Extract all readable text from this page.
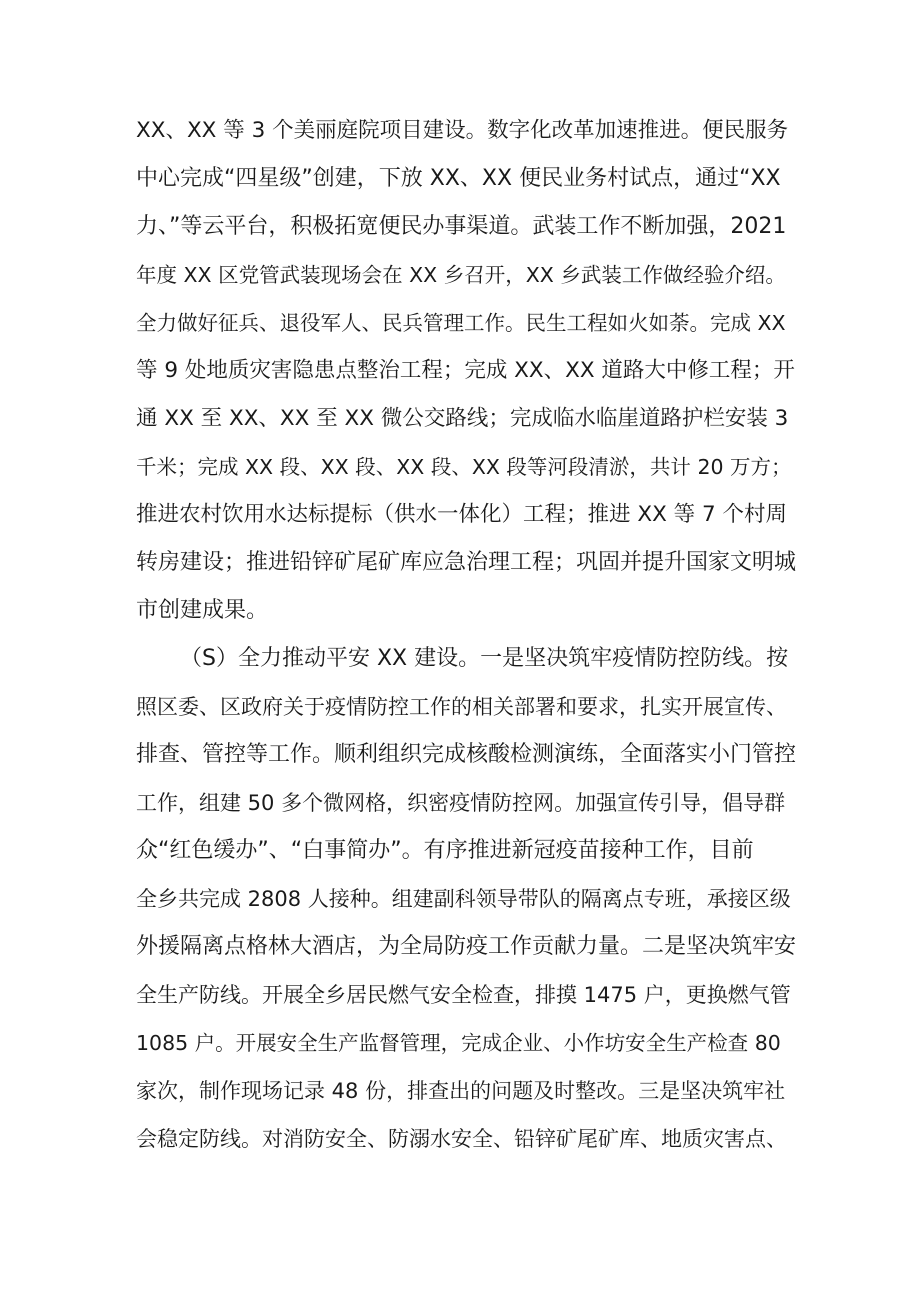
XX、XX 等 3 个美丽庭院项目建设。数字化改革加速推进。便民服务
中心完成“四星级”创建，下放 XX、XX 便民业务村试点，通过“XX
力、”等云平台，积极拓宽便民办事渠道。武装工作不断加强，2021
年度 XX 区党管武装现场会在 XX 乡召开，XX 乡武装工作做经验介绍。
全力做好征兵、退役军人、民兵管理工作。民生工程如火如荼。完成 XX
等 9 处地质灾害隐患点整治工程；完成 XX、XX 道路大中修工程；开
通 XX 至 XX、XX 至 XX 微公交路线；完成临水临崖道路护栏安装 3
千米；完成 XX 段、XX 段、XX 段、XX 段等河段清淤，共计 20 万方；
推进农村饮用水达标提标（供水一体化）工程；推进 XX 等 7 个村周
转房建设；推进铅锌矿尾矿库应急治理工程；巩固并提升国家文明城
市创建成果。
（S）全力推动平安 XX 建设。一是坚决筑牢疫情防控防线。按
照区委、区政府关于疫情防控工作的相关部署和要求，扎实开展宣传、
排查、管控等工作。顺利组织完成核酸检测演练，全面落实小门管控
工作，组建 50 多个微网格，织密疫情防控网。加强宣传引导，倡导群
众“红色缓办”、“白事简办”。有序推进新冠疫苗接种工作，目前
全乡共完成 2808 人接种。组建副科领导带队的隔离点专班，承接区级
外援隔离点格林大酒店，为全局防疫工作贡献力量。二是坚决筑牢安
全生产防线。开展全乡居民燃气安全检查，排摸 1475 户，更换燃气管
1085 户。开展安全生产监督管理，完成企业、小作坊安全生产检查 80
家次，制作现场记录 48 份，排查出的问题及时整改。三是坚决筑牢社
会稳定防线。对消防安全、防溺水安全、铅锌矿尾矿库、地质灾害点、
